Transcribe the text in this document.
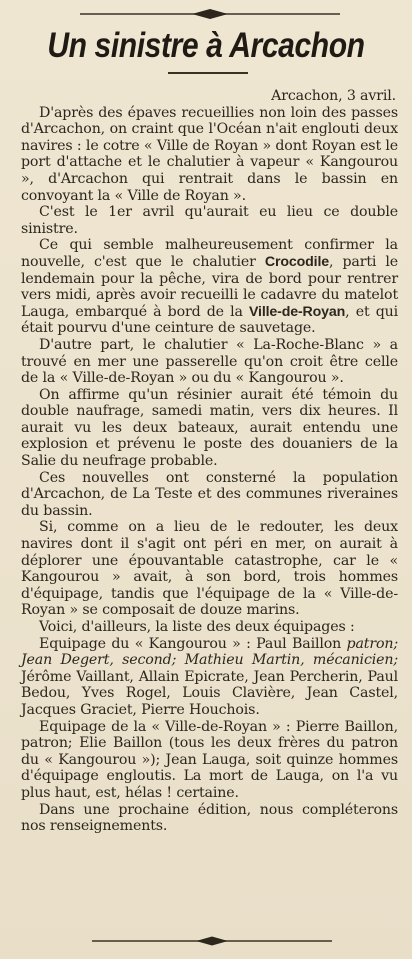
Un sinistre à Arcachon

Arcachon, 3 avril.

D'après des épaves recueillies non loin des passes d'Arcachon, on craint que l'Océan n'ait englouti deux navires : le cotre « Ville de Royan » dont Royan est le port d'attache et le chalutier à vapeur « Kangourou », d'Arcachon qui rentrait dans le bassin en convoyant la « Ville de Royan ».

C'est le 1er avril qu'aurait eu lieu ce double sinistre.

Ce qui semble malheureusement confirmer la nouvelle, c'est que le chalutier Crocodile, parti le lendemain pour la pêche, vira de bord pour rentrer vers midi, après avoir recueilli le cadavre du matelot Lauga, embarqué à bord de la Ville-de-Royan, et qui était pourvu d'une ceinture de sauvetage.

D'autre part, le chalutier « La-Roche-Blanc » a trouvé en mer une passerelle qu'on croit être celle de la « Ville-de-Royan » ou du « Kangourou ».

On affirme qu'un résinier aurait été témoin du double naufrage, samedi matin, vers dix heures. Il aurait vu les deux bateaux, aurait entendu une explosion et prévenu le poste des douaniers de la Salie du neufrage probable.

Ces nouvelles ont consterné la population d'Arcachon, de La Teste et des communes riveraines du bassin.

Si, comme on a lieu de le redouter, les deux navires dont il s'agit ont péri en mer, on aurait à déplorer une épouvantable catastrophe, car le « Kangourou » avait, à son bord, trois hommes d'équipage, tandis que l'équipage de la « Ville-de-Royan » se composait de douze marins.

Voici, d'ailleurs, la liste des deux équipages :

Equipage du « Kangourou » : Paul Baillon patron; Jean Degert, second; Mathieu Martin, mécanicien; Jérôme Vaillant, Allain Epicrate, Jean Percherin, Paul Bedou, Yves Rogel, Louis Clavière, Jean Castel, Jacques Graciet, Pierre Houchois.

Equipage de la « Ville-de-Royan » : Pierre Baillon, patron; Elie Baillon (tous les deux frères du patron du « Kangourou »); Jean Lauga, soit quinze hommes d'équipage engloutis. La mort de Lauga, on l'a vu plus haut, est, hélas ! certaine.

Dans une prochaine édition, nous compléterons nos renseignements.
